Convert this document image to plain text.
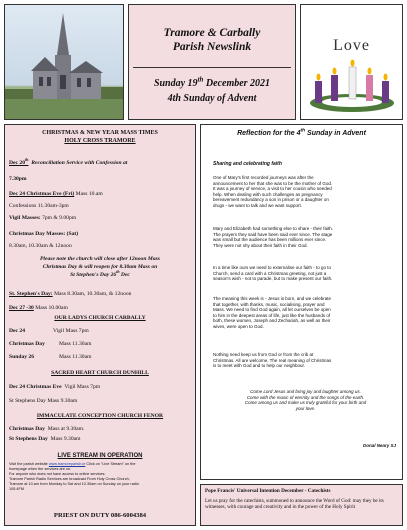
Tramore & Carbally
Parish Newslink
Sunday 19th December 2021
4th Sunday of Advent
Love
CHRISTMAS & NEW YEAR MASS TIMES
HOLY CROSS TRAMORE
Dec 20th Reconciliation Service with Confession at
7.30pm
Dec 24 Christmas Eve (Fri) Mass 10.am
Confessions 11.30am-3pm
Vigil Masses: 7pm & 9.00pm
Christmas Day Masses: (Sat)
8.30am, 10.30am & 12noon
Please note the church will close after 12noon Mass
Christmas Day & will reopen for 8.30am Mass on
St Stephen's Day 26th Dec
St. Stephen's Day: Mass 8.30am, 10.30am, & 12noon
Dec 27 -30 Mass 10.00am
OUR LADYS CHURCH CARBALLY
Dec 24	Vigil Mass 7pm
Christmas Day	Mass 11.30am
Sunday 26	Mass 11.30am
SACRED HEART CHURCH DUNHILL
Dec 24 Christmas Eve Vigil Mass 7pm
St Stephens Day Mass 9.30am
IMMACULATE CONCEPTION CHURCH FENOR
Christmas Day Mass at 9.30am.
St Stephens Day Mass 9.30am
LIVE STREAM IN OPERATION
Visit the parish website www.tramoreparish.ie Click on "Live Stream" on the
homepage when the services are on.
For anyone who does not have access to online services:
Tramore Parish Radio Services are broadcast From Holy Cross Church,
Tramore at 10.am from Monday to Sat and 10.30am on Sunday on your radio
105.4FM
PRIEST ON DUTY 086-6004384
Reflection for the 4th Sunday in Advent
Sharing and celebrating faith
One of Mary's first recorded journeys was after the
announcement to her that she was to be the mother of God.
It was a journey of service, a visit to her cousin who needed
help. When dealing with such challenges as pregnancy
bereavement redundancy a son in prison or a daughter on
drugs - we want to talk and we want support.
Mary and Elizabeth had something else to share - their faith.
The prayers they said have been said ever since. The stage
was small but the audience has been millions ever since.
They were not shy about their faith in their God.
In a time like ours we need to externalise our faith - to go to
Church, send a card with a Christmas greeting, not just a
season's wish - not to parade, but to make present our faith.
The meaning this week is - Jesus is born, and we celebrate
that together, with thanks, music, socialising, prayer and
Mass. We need to find God again, all let ourselves be open
to him in the deepest areas of life, just like the husbands of
both, these women, Joseph and Zechariah, as well as their
wives, were open to God.
Nothing need keep us from God or from the crib at
Christmas. All are welcome. The real meaning of Christmas
is to meet with God and to help our neighbour.
Come Lord Jesus and bring joy and laughter among us.
Come with the music of eternity and the songs of the earth.
Come among us and make us truly grateful for your birth and
your love.
Donal Neary SJ
Pope Francis' Universal Intention December - Catechists
Let us pray for the catechists, summoned to announce the Word of God: may they be its witnesses, with courage and creativity and in the power of the Holy Spirit
